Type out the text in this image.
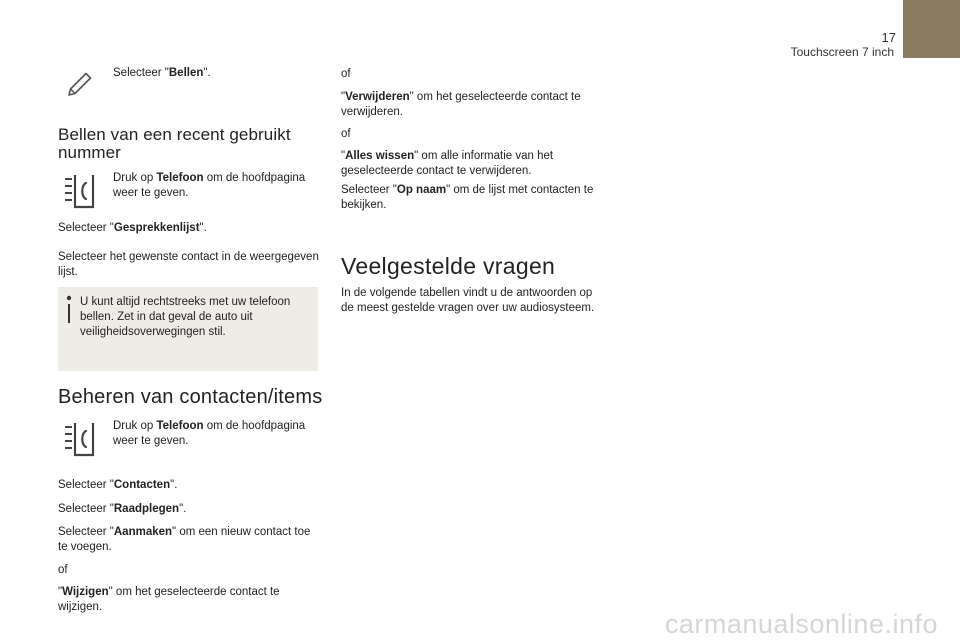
17
Touchscreen 7 inch
Selecteer "Bellen".
Bellen van een recent gebruikt
nummer
Druk op Telefoon om de hoofdpagina
weer te geven.
Selecteer "Gesprekkenlijst".
Selecteer het gewenste contact in de weergegeven
lijst.
U kunt altijd rechtstreeks met uw telefoon
bellen. Zet in dat geval de auto uit
veiligheidsoverwegingen stil.
Beheren van contacten/items
Druk op Telefoon om de hoofdpagina
weer te geven.
Selecteer "Contacten".
Selecteer "Raadplegen".
Selecteer "Aanmaken" om een nieuw contact toe
te voegen.
of
"Wijzigen" om het geselecteerde contact te
wijzigen.
of
"Verwijderen" om het geselecteerde contact te
verwijderen.
of
"Alles wissen" om alle informatie van het
geselecteerde contact te verwijderen.
Selecteer "Op naam" om de lijst met contacten te
bekijken.
Veelgestelde vragen
In de volgende tabellen vindt u de antwoorden op
de meest gestelde vragen over uw audiosysteem.
carmanualsonline.info
